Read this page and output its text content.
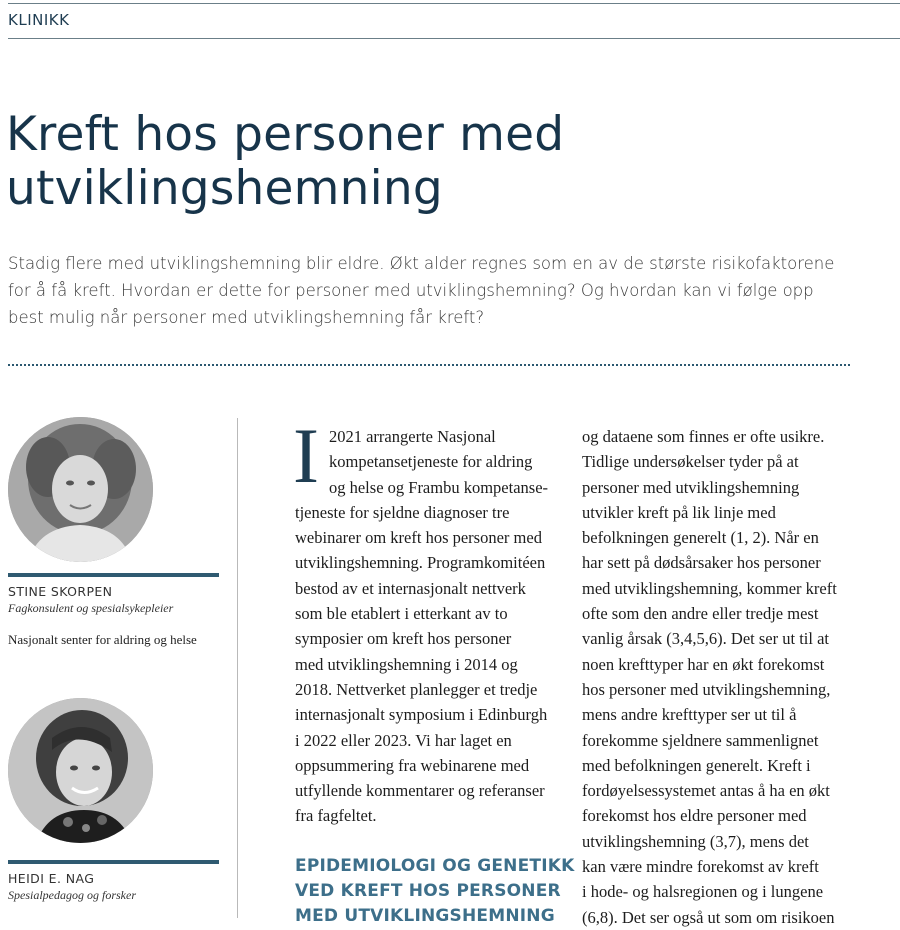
KLINIKK
Kreft hos personer med
utviklingshemning

Stadig flere med utviklingshemning blir eldre. Økt alder regnes som en av de største risikofaktorene
for å få kreft. Hvordan er dette for personer med utviklingshemning? Og hvordan kan vi følge opp
best mulig når personer med utviklingshemning får kreft?

STINE SKORPEN
Fagkonsulent og spesialsykepleier
Nasjonalt senter for aldring og helse
HEIDI E. NAG
Spesialpedagog og forsker
I 2021 arrangerte Nasjonal

kompetansetjeneste for aldring

og helse og Frambu kompetanse-

tjeneste for sjeldne diagnoser tre

webinarer om kreft hos personer med

utviklingshemning. Programkomitéen

bestod av et internasjonalt nettverk

som ble etablert i etterkant av to

symposier om kreft hos personer

med utviklingshemning i 2014 og

2018. Nettverket planlegger et tredje

internasjonalt symposium i Edinburgh

i 2022 eller 2023. Vi har laget en

oppsummering fra webinarene med

utfyllende kommentarer og referanser

fra fagfeltet.

EPIDEMIOLOGI OG GENETIKK
VED KREFT HOS PERSONER
MED UTVIKLINGSHEMNING

og dataene som finnes er ofte usikre.

Tidlige undersøkelser tyder på at

personer med utviklingshemning

utvikler kreft på lik linje med

befolkningen generelt (1, 2). Når en

har sett på dødsårsaker hos personer

med utviklingshemning, kommer kreft

ofte som den andre eller tredje mest

vanlig årsak (3,4,5,6). Det ser ut til at

noen krefttyper har en økt forekomst

hos personer med utviklingshemning,

mens andre krefttyper ser ut til å

forekomme sjeldnere sammenlignet

med befolkningen generelt. Kreft i

fordøyelsessystemet antas å ha en økt

forekomst hos eldre personer med

utviklingshemning (3,7), mens det

kan være mindre forekomst av kreft

i hode- og halsregionen og i lungene

(6,8). Det ser også ut som om risikoen
